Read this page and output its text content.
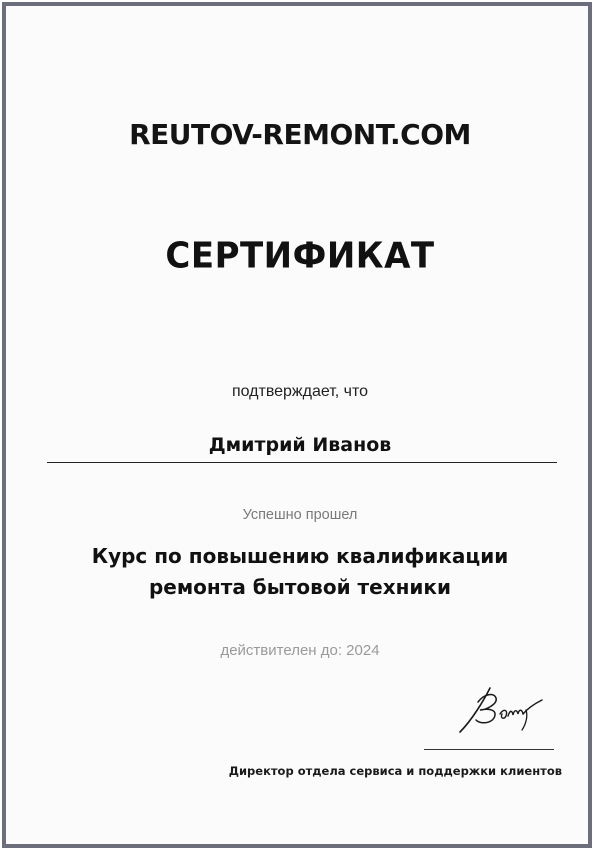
REUTOV-REMONT.COM
СЕРТИФИКАТ
подтверждает, что
Дмитрий Иванов
Успешно прошел
Курс по повышению квалификации
ремонта бытовой техники
действителен до: 2024
Директор отдела сервиса и поддержки клиентов
